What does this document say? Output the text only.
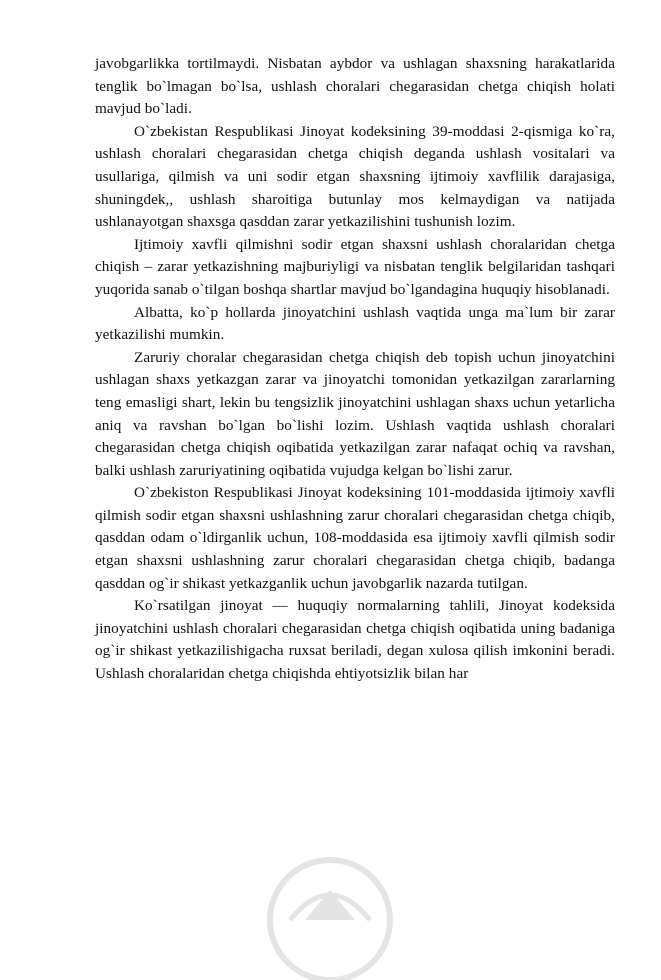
javobgarlikka tortilmaydi. Nisbatan aybdor va ushlagan shaxsning harakatlarida tenglik bo`lmagan bo`lsa, ushlash choralari chegarasidan chetga chiqish holati mavjud bo`ladi.

O`zbekistan Respublikasi Jinoyat kodeksining 39-moddasi 2-qismiga ko`ra, ushlash choralari chegarasidan chetga chiqish deganda ushlash vositalari va usullariga, qilmish va uni sodir etgan shaxsning ijtimoiy xavflilik darajasiga, shuningdek,, ushlash sharoitiga butunlay mos kelmaydigan va natijada ushlanayotgan shaxsga qasddan zarar yetkazilishini tushunish lozim.

Ijtimoiy xavfli qilmishni sodir etgan shaxsni ushlash choralaridan chetga chiqish – zarar yetkazishning majburiyligi va nisbatan tenglik belgilaridan tashqari yuqorida sanab o`tilgan boshqa shartlar mavjud bo`lgandagina huquqiy hisoblanadi.

Albatta, ko`p hollarda jinoyatchini ushlash vaqtida unga ma`lum bir zarar yetkazilishi mumkin.

Zaruriy choralar chegarasidan chetga chiqish deb topish uchun jinoyatchini ushlagan shaxs yetkazgan zarar va jinoyatchi tomonidan yetkazilgan zararlarning teng emasligi shart, lekin bu tengsizlik jinoyatchini ushlagan shaxs uchun yetarlicha aniq va ravshan bo`lgan bo`lishi lozim. Ushlash vaqtida ushlash choralari chegarasidan chetga chiqish oqibatida yetkazilgan zarar nafaqat ochiq va ravshan, balki ushlash zaruriyatining oqibatida vujudga kelgan bo`lishi zarur.

O`zbekiston Respublikasi Jinoyat kodeksining 101-moddasida ijtimoiy xavfli qilmish sodir etgan shaxsni ushlashning zarur choralari chegarasidan chetga chiqib, qasddan odam o`ldirganlik uchun, 108-moddasida esa ijtimoiy xavfli qilmish sodir etgan shaxsni ushlashning zarur choralari chegarasidan chetga chiqib, badanga qasddan og`ir shikast yetkazganlik uchun javobgarlik nazarda tutilgan.

Ko`rsatilgan jinoyat — huquqiy normalarning tahlili, Jinoyat kodeksida jinoyatchini ushlash choralari chegarasidan chetga chiqish oqibatida uning badaniga og`ir shikast yetkazilishigacha ruxsat beriladi, degan xulosa qilish imkonini beradi. Ushlash choralaridan chetga chiqishda ehtiyotsizlik bilan har
